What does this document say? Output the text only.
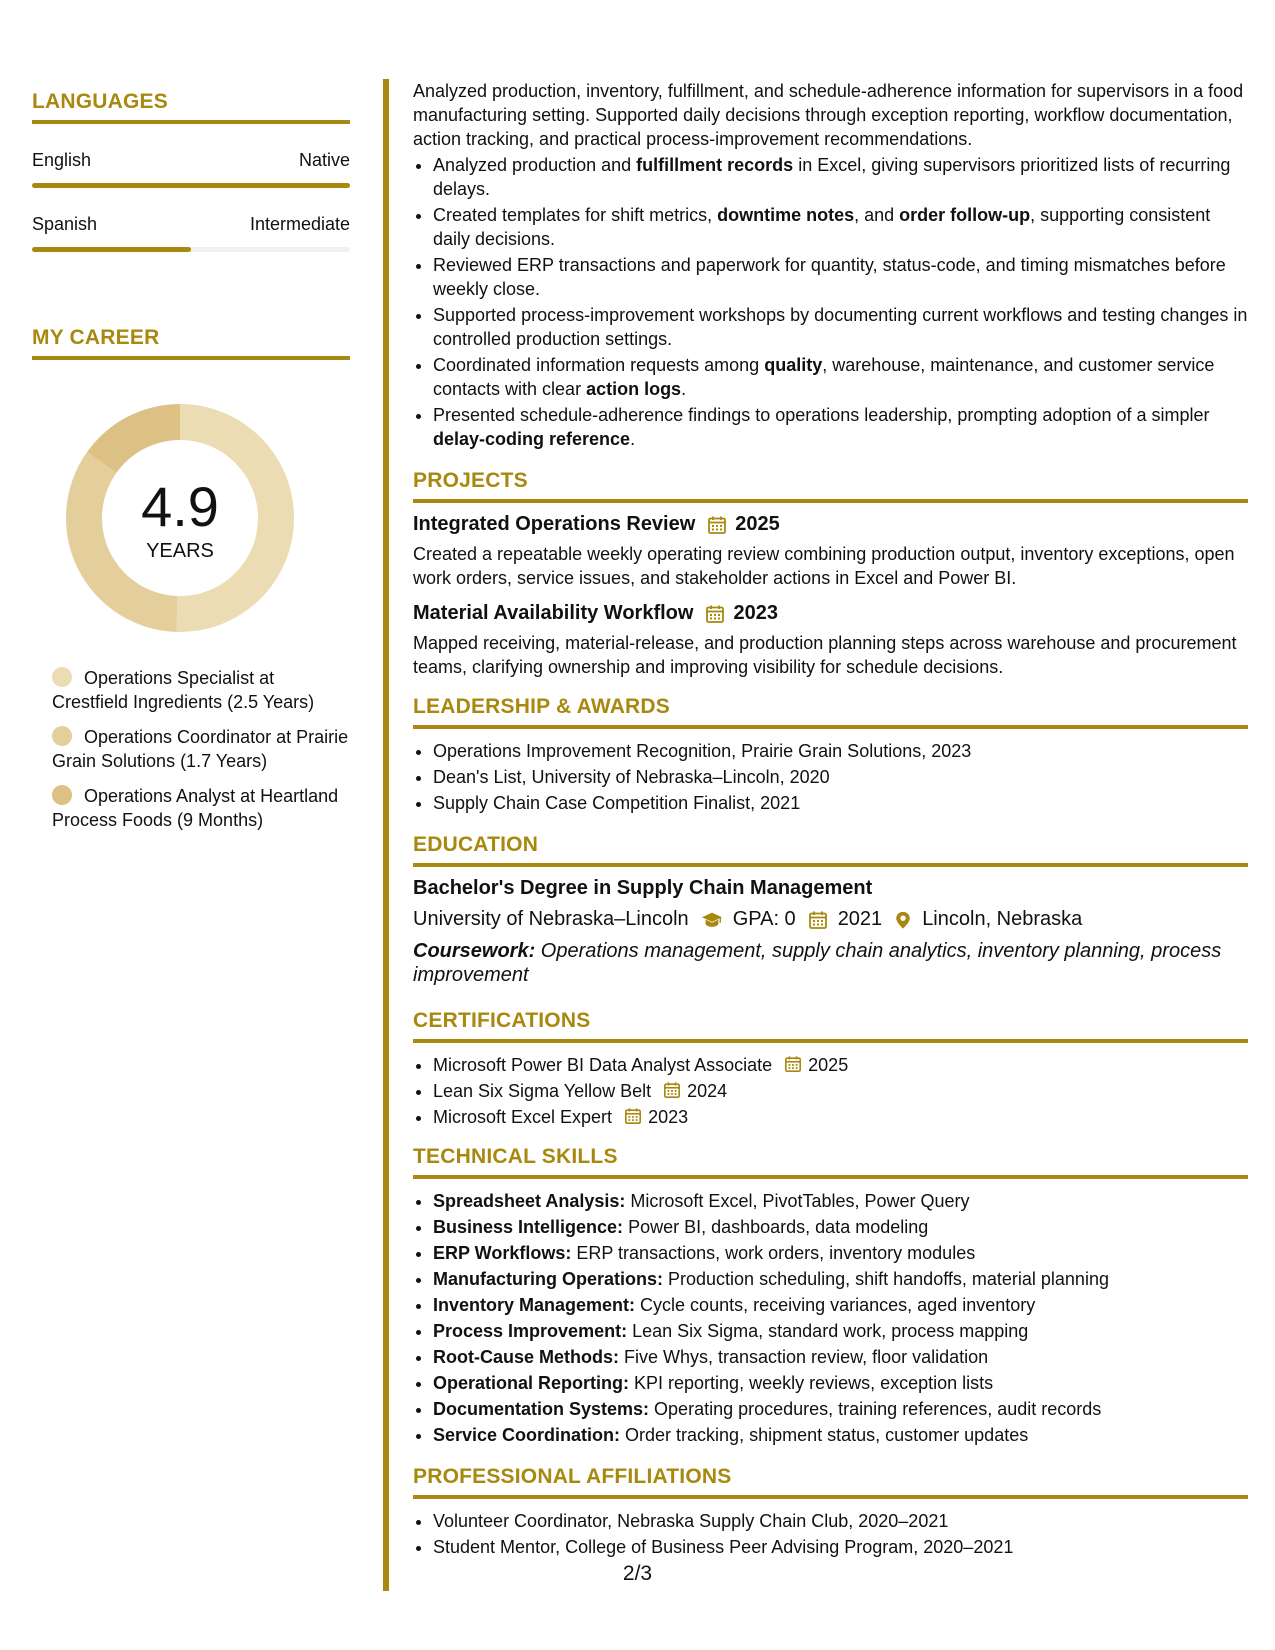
LANGUAGES
English	Native
Spanish	Intermediate
MY CAREER
4.9
YEARS
Operations Specialist at Crestfield Ingredients (2.5 Years)
Operations Coordinator at Prairie Grain Solutions (1.7 Years)
Operations Analyst at Heartland Process Foods (9 Months)

Analyzed production, inventory, fulfillment, and schedule-adherence information for supervisors in a food manufacturing setting. Supported daily decisions through exception reporting, workflow documentation, action tracking, and practical process-improvement recommendations.

• Analyzed production and fulfillment records in Excel, giving supervisors prioritized lists of recurring delays.
• Created templates for shift metrics, downtime notes, and order follow-up, supporting consistent daily decisions.
• Reviewed ERP transactions and paperwork for quantity, status-code, and timing mismatches before weekly close.
• Supported process-improvement workshops by documenting current workflows and testing changes in controlled production settings.
• Coordinated information requests among quality, warehouse, maintenance, and customer service contacts with clear action logs.
• Presented schedule-adherence findings to operations leadership, prompting adoption of a simpler delay-coding reference.
PROJECTS
Integrated Operations Review 2025

Created a repeatable weekly operating review combining production output, inventory exceptions, open work orders, service issues, and stakeholder actions in Excel and Power BI.

Material Availability Workflow 2023

Mapped receiving, material-release, and production planning steps across warehouse and procurement teams, clarifying ownership and improving visibility for schedule decisions.

LEADERSHIP & AWARDS
• Operations Improvement Recognition, Prairie Grain Solutions, 2023
• Dean's List, University of Nebraska–Lincoln, 2020
• Supply Chain Case Competition Finalist, 2021
EDUCATION
Bachelor's Degree in Supply Chain Management
University of Nebraska–Lincoln GPA: 0 2021 Lincoln, Nebraska

Coursework: Operations management, supply chain analytics, inventory planning, process improvement

CERTIFICATIONS
• Microsoft Power BI Data Analyst Associate 2025
• Lean Six Sigma Yellow Belt 2024
• Microsoft Excel Expert 2023
TECHNICAL SKILLS
• Spreadsheet Analysis: Microsoft Excel, PivotTables, Power Query
• Business Intelligence: Power BI, dashboards, data modeling
• ERP Workflows: ERP transactions, work orders, inventory modules
• Manufacturing Operations: Production scheduling, shift handoffs, material planning
• Inventory Management: Cycle counts, receiving variances, aged inventory
• Process Improvement: Lean Six Sigma, standard work, process mapping
• Root-Cause Methods: Five Whys, transaction review, floor validation
• Operational Reporting: KPI reporting, weekly reviews, exception lists
• Documentation Systems: Operating procedures, training references, audit records
• Service Coordination: Order tracking, shipment status, customer updates
PROFESSIONAL AFFILIATIONS
• Volunteer Coordinator, Nebraska Supply Chain Club, 2020–2021
• Student Mentor, College of Business Peer Advising Program, 2020–2021
2/3
